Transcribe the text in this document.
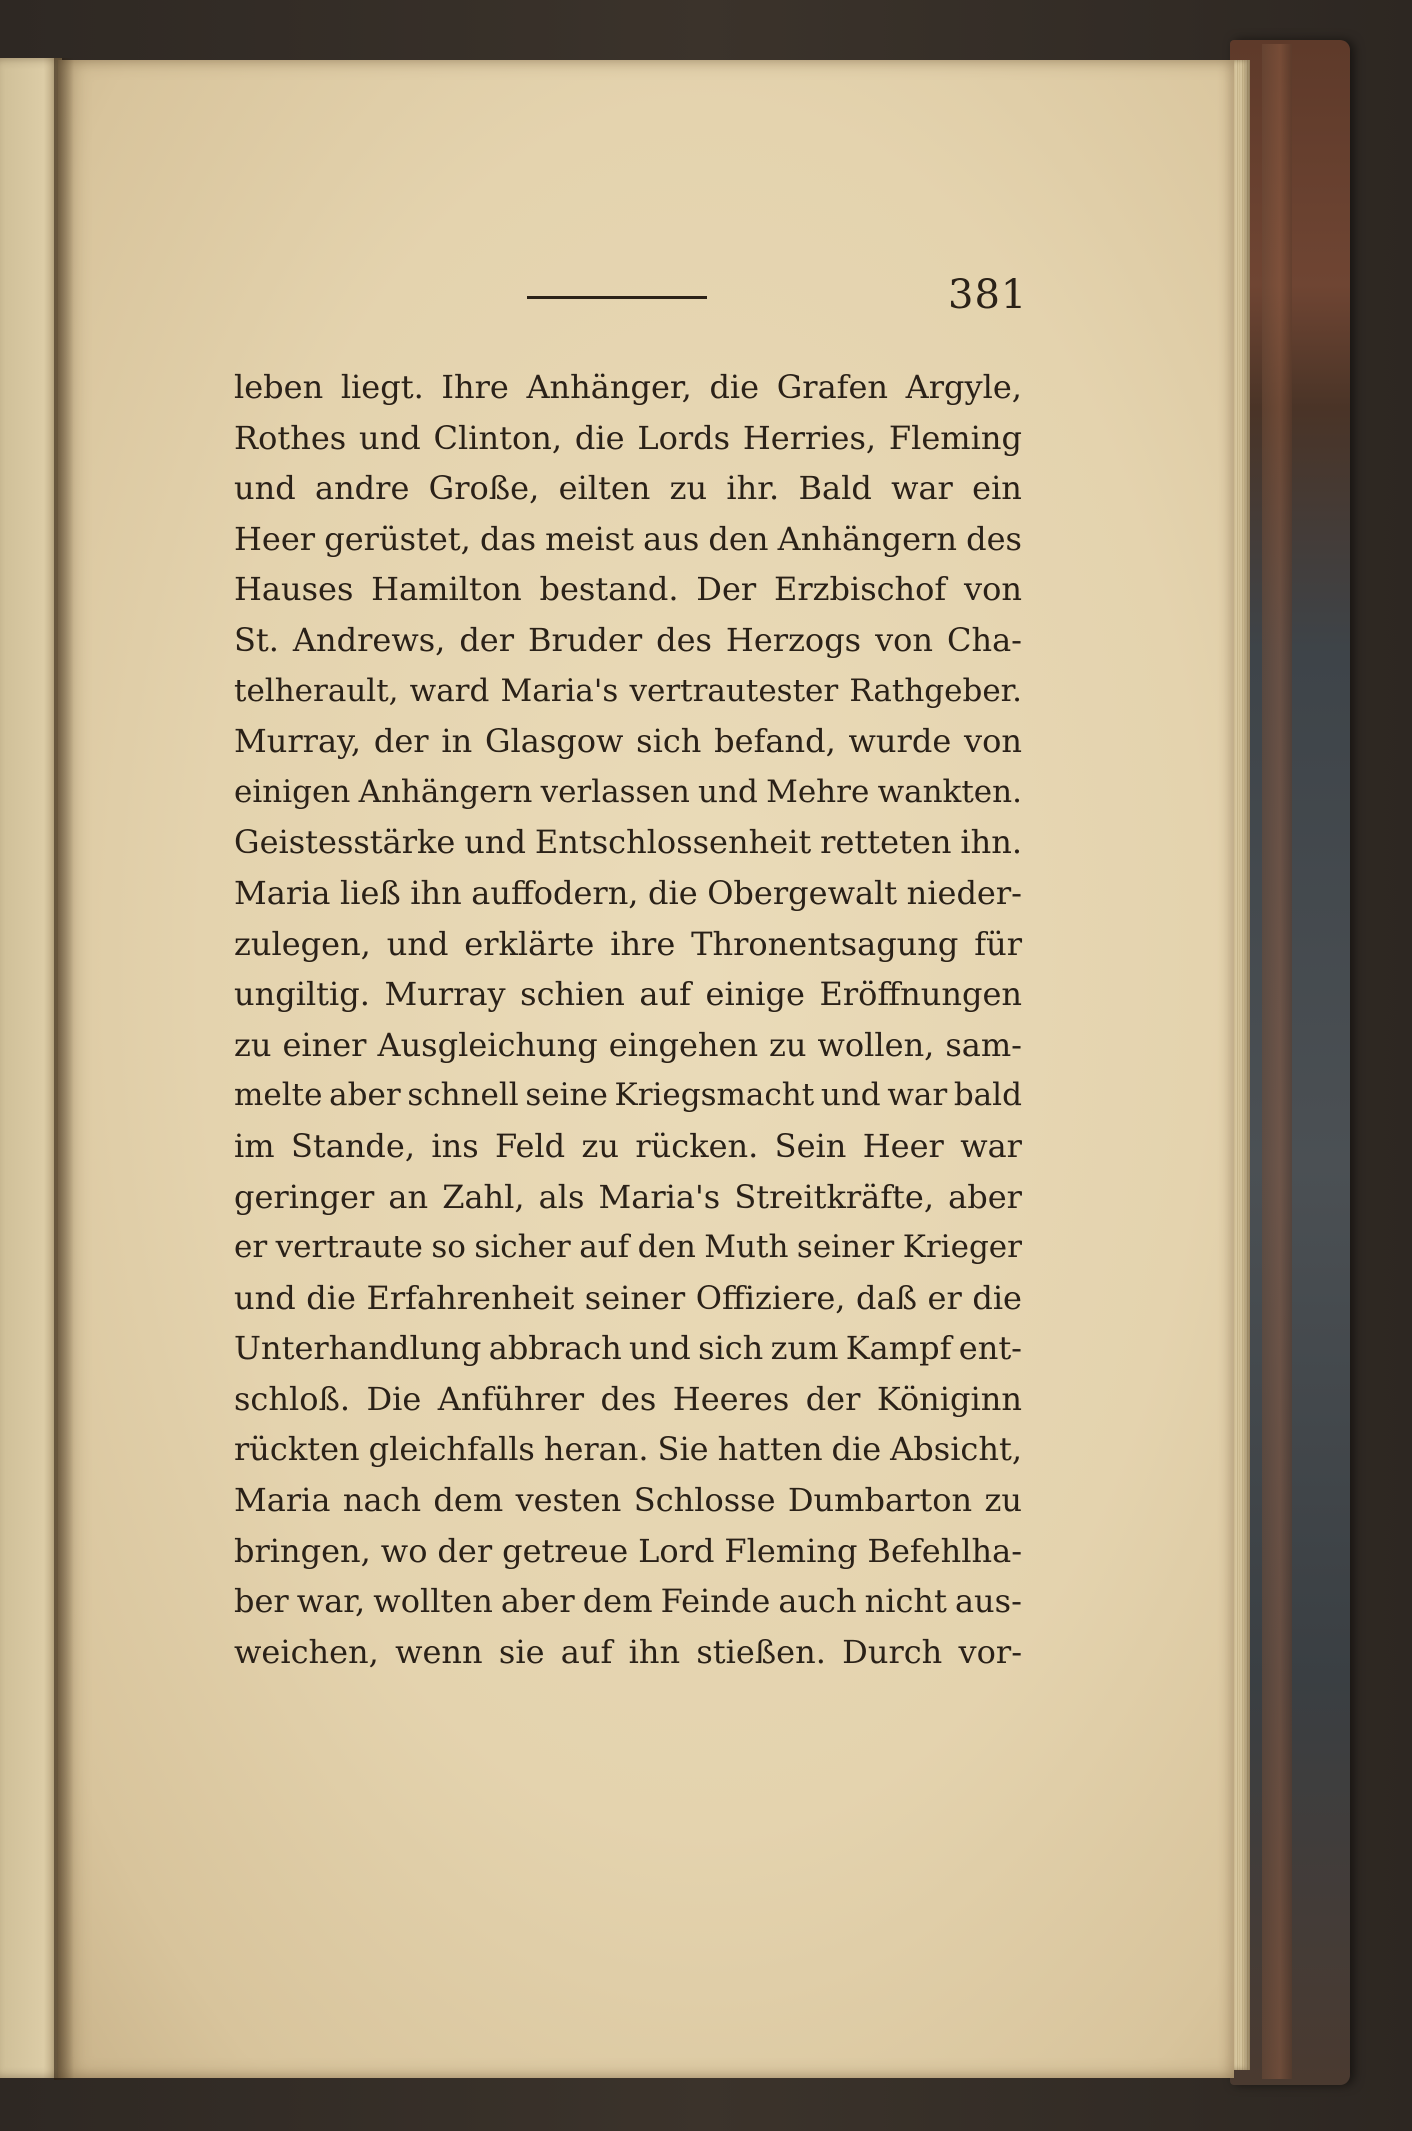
381
leben liegt. Ihre Anhänger, die Grafen Argyle,
Rothes und Clinton, die Lords Herries, Fleming
und andre Große, eilten zu ihr. Bald war ein
Heer gerüstet, das meist aus den Anhängern des
Hauses Hamilton bestand. Der Erzbischof von
St. Andrews, der Bruder des Herzogs von Cha-
telherault, ward Maria's vertrautester Rathgeber.
Murray, der in Glasgow sich befand, wurde von
einigen Anhängern verlassen und Mehre wankten.
Geistesstärke und Entschlossenheit retteten ihn.
Maria ließ ihn auffodern, die Obergewalt nieder-
zulegen, und erklärte ihre Thronentsagung für
ungiltig. Murray schien auf einige Eröffnungen
zu einer Ausgleichung eingehen zu wollen, sam-
melte aber schnell seine Kriegsmacht und war bald
im Stande, ins Feld zu rücken. Sein Heer war
geringer an Zahl, als Maria's Streitkräfte, aber
er vertraute so sicher auf den Muth seiner Krieger
und die Erfahrenheit seiner Offiziere, daß er die
Unterhandlung abbrach und sich zum Kampf ent-
schloß. Die Anführer des Heeres der Königinn
rückten gleichfalls heran. Sie hatten die Absicht,
Maria nach dem vesten Schlosse Dumbarton zu
bringen, wo der getreue Lord Fleming Befehlha-
ber war, wollten aber dem Feinde auch nicht aus-
weichen, wenn sie auf ihn stießen. Durch vor-
